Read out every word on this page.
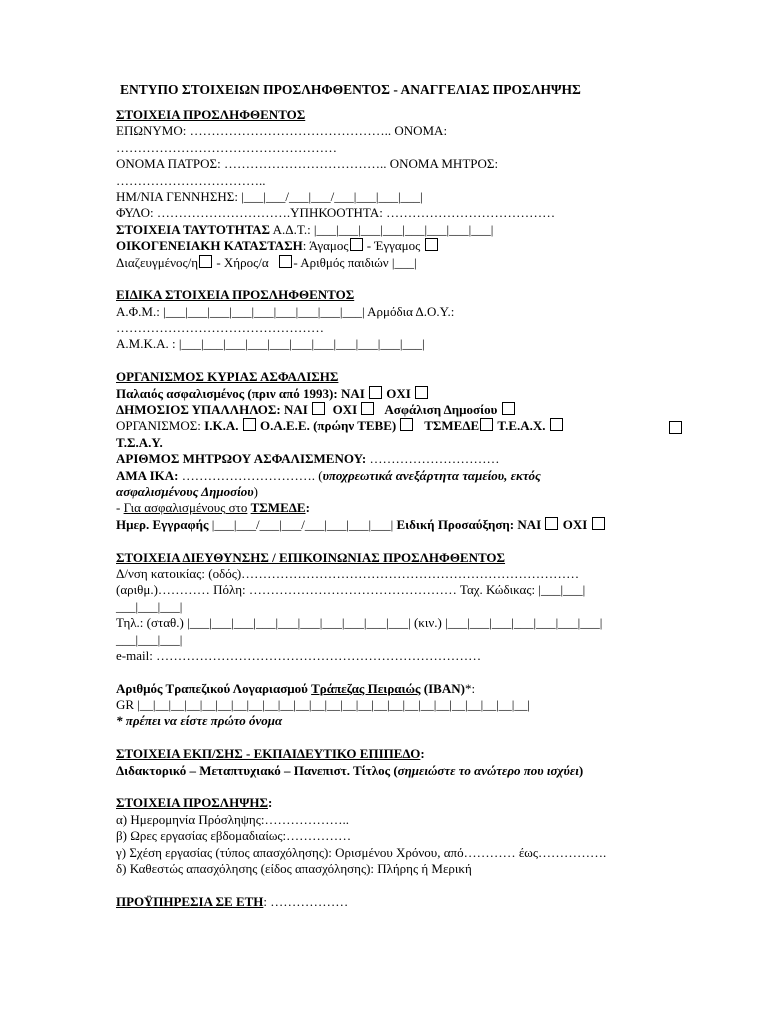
ΕΝΤΥΠΟ ΣΤΟΙΧΕΙΩΝ ΠΡΟΣΛΗΦΘΕΝΤΟΣ - ΑΝΑΓΓΕΛΙΑΣ ΠΡΟΣΛΗΨΗΣ
ΣΤΟΙΧΕΙΑ ΠΡΟΣΛΗΦΘΕΝΤΟΣ
ΕΠΩΝΥΜΟ: ……………………………………….. ΟΝΟΜΑ:
……………………………………………
ΟΝΟΜΑ ΠΑΤΡΟΣ: ……………………………….. ΟΝΟΜΑ ΜΗΤΡΟΣ:
……………………………..
ΗΜ/ΝΙΑ ΓΕΝΝΗΣΗΣ: |___|___/___|___/___|___|___|___|
ΦΥΛΟ: ………………………….ΥΠΗΚΟΟΤΗΤΑ: …………………………………
ΣΤΟΙΧΕΙΑ ΤΑΥΤΟΤΗΤΑΣ Α.Δ.Τ.: |___|___|___|___|___|___|___|___|
ΟΙΚΟΓΕΝΕΙΑΚΗ ΚΑΤΑΣΤΑΣΗ: Άγαμος - Έγγαμος
Διαζευγμένος/η - Χήρος/α - Αριθμός παιδιών |___|
ΕΙΔΙΚΑ ΣΤΟΙΧΕΙΑ ΠΡΟΣΛΗΦΘΕΝΤΟΣ
Α.Φ.Μ.: |___|___|___|___|___|___|___|___|___| Αρμόδια Δ.Ο.Υ.:
…………………………………………
Α.Μ.Κ.Α. : |___|___|___|___|___|___|___|___|___|___|___|
ΟΡΓΑΝΙΣΜΟΣ ΚΥΡΙΑΣ ΑΣΦΑΛΙΣΗΣ
Παλαιός ασφαλισμένος (πριν από 1993): ΝΑΙ ΟΧΙ
ΔΗΜΟΣΙΟΣ ΥΠΑΛΛΗΛΟΣ: ΝΑΙ ΟΧΙ Ασφάλιση Δημοσίου
ΟΡΓΑΝΙΣΜΟΣ: Ι.Κ.Α. Ο.Α.Ε.Ε. (πρώην ΤΕΒΕ) ΤΣΜΕΔΕ Τ.Ε.Α.Χ.
Τ.Σ.Α.Υ.
ΑΡΙΘΜΟΣ ΜΗΤΡΩΟΥ ΑΣΦΑΛΙΣΜΕΝΟΥ: …………………………
ΑΜΑ ΙΚΑ: …………………………. (υποχρεωτικά ανεξάρτητα ταμείου, εκτός
ασφαλισμένους Δημοσίου)
- Για ασφαλισμένους στο ΤΣΜΕΔΕ:
Ημερ. Εγγραφής |___|___/___|___/___|___|___|___| Ειδική Προσαύξηση: ΝΑΙ ΟΧΙ
ΣΤΟΙΧΕΙΑ ΔΙΕΥΘΥΝΣΗΣ / ΕΠΙΚΟΙΝΩΝΙΑΣ ΠΡΟΣΛΗΦΘΕΝΤΟΣ
Δ/νση κατοικίας: (οδός)……………………………………………………………………
(αριθμ.)………… Πόλη: ………………………………………… Ταχ. Κώδικας: |___|___|
___|___|___|
Τηλ.: (σταθ.) |___|___|___|___|___|___|___|___|___|___| (κιν.) |___|___|___|___|___|___|___|
___|___|___|
e-mail: …………………………………………………………………
Αριθμός Τραπεζικού Λογαριασμού Τράπεζας Πειραιώς (IBAN)*:
GR |__|__|__|__|__|__|__|__|__|__|__|__|__|__|__|__|__|__|__|__|__|__|__|__|__|
* πρέπει να είστε πρώτο όνομα
ΣΤΟΙΧΕΙΑ ΕΚΠ/ΣΗΣ - ΕΚΠΑΙΔΕΥΤΙΚΟ ΕΠΙΠΕΔΟ:
Διδακτορικό – Μεταπτυχιακό – Πανεπιστ. Τίτλος (σημειώστε το ανώτερο που ισχύει)
ΣΤΟΙΧΕΙΑ ΠΡΟΣΛΗΨΗΣ:
α) Ημερομηνία Πρόσληψης:………………..
β) Ωρες εργασίας εβδομαδιαίως:……………
γ) Σχέση εργασίας (τύπος απασχόλησης): Ορισμένου Χρόνου, από………… έως…………….
δ) Καθεστώς απασχόλησης (είδος απασχόλησης): Πλήρης ή Μερική
ΠΡΟΫΠΗΡΕΣΙΑ ΣΕ ΕΤΗ: ………………
